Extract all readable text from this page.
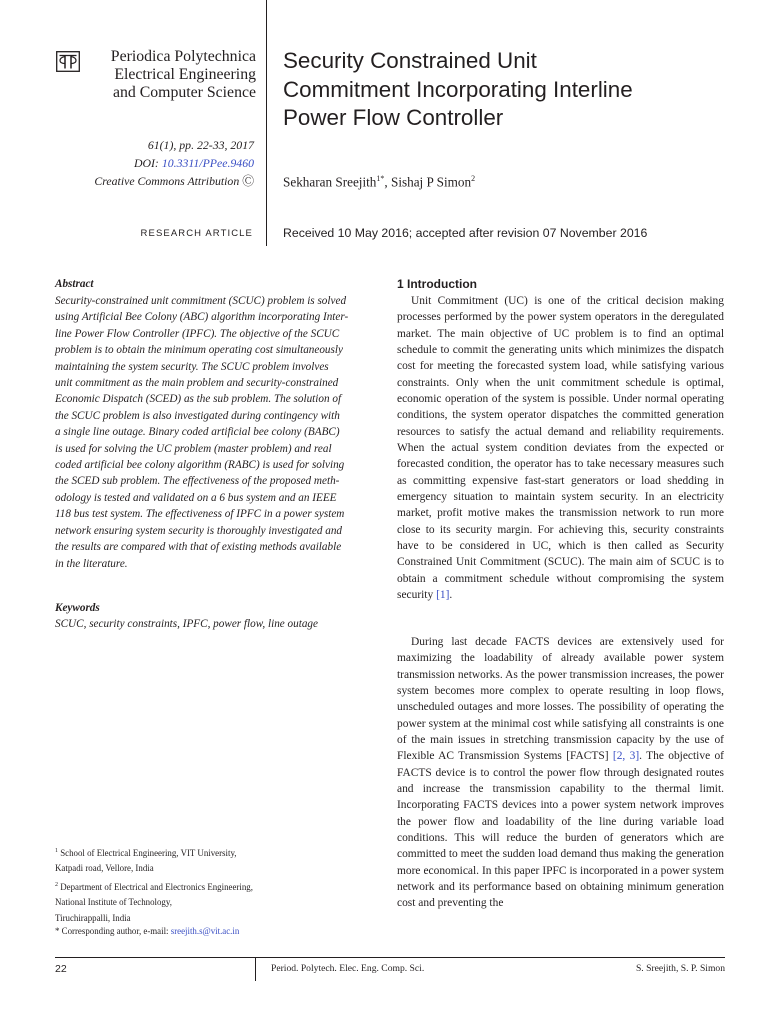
Periodica Polytechnica
Electrical Engineering
and Computer Science
61(1), pp. 22-33, 2017
DOI: 10.3311/PPee.9460
Creative Commons Attribution Ⓒ
RESEARCH ARTICLE
Security Constrained Unit
Commitment Incorporating Interline
Power Flow Controller
Sekharan Sreejith$^{1*}$, Sishaj P Simon$^2$
Received 10 May 2016; accepted after revision 07 November 2016
Abstract
Security-constrained unit commitment (SCUC) problem is solved
using Artificial Bee Colony (ABC) algorithm incorporating Inter-
line Power Flow Controller (IPFC). The objective of the SCUC
problem is to obtain the minimum operating cost simultaneously
maintaining the system security. The SCUC problem involves
unit commitment as the main problem and security-constrained
Economic Dispatch (SCED) as the sub problem. The solution of
the SCUC problem is also investigated during contingency with
a single line outage. Binary coded artificial bee colony (BABC)
is used for solving the UC problem (master problem) and real
coded artificial bee colony algorithm (RABC) is used for solving
the SCED sub problem. The effectiveness of the proposed meth-
odology is tested and validated on a 6 bus system and an IEEE
118 bus test system. The effectiveness of IPFC in a power system
network ensuring system security is thoroughly investigated and
the results are compared with that of existing methods available
in the literature.
Keywords
SCUC, security constraints, IPFC, power flow, line outage
$^1$ School of Electrical Engineering, VIT University,
Katpadi road, Vellore, India
$^2$ Department of Electrical and Electronics Engineering,
National Institute of Technology,
Tiruchirappalli, India
* Corresponding author, e-mail: sreejith.s@vit.ac.in
1 Introduction
Unit Commitment (UC) is one of the critical decision making processes performed by the power system operators in the deregulated market. The main objective of UC problem is to find an optimal schedule to commit the generating units which minimizes the dispatch cost for meeting the forecasted system load, while satisfying various constraints. Only when the unit commitment schedule is optimal, economic operation of the system is possible. Under normal operating conditions, the system operator dispatches the committed generation resources to satisfy the actual demand and reliability requirements. When the actual system condition deviates from the expected or forecasted condition, the operator has to take necessary measures such as committing expensive fast-start generators or load shedding in emergency situation to maintain system security. In an electricity market, profit motive makes the transmission network to run more close to its security margin. For achieving this, security constraints have to be considered in UC, which is then called as Security Constrained Unit Commitment (SCUC). The main aim of SCUC is to obtain a commitment schedule without compromising the system security [1].
During last decade FACTS devices are extensively used for maximizing the loadability of already available power system transmission networks. As the power transmission increases, the power system becomes more complex to operate resulting in loop flows, unscheduled outages and more losses. The possibility of operating the power system at the minimal cost while satisfying all constraints is one of the main issues in stretching transmission capacity by the use of Flexible AC Transmission Systems [FACTS] [2, 3]. The objective of FACTS device is to control the power flow through designated routes and increase the transmission capability to the thermal limit. Incorporating FACTS devices into a power system network improves the power flow and loadability of the line during variable load conditions. This will reduce the burden of generators which are committed to meet the sudden load demand thus making the generation more economical. In this paper IPFC is incorporated in a power system network and its performance based on obtaining minimum generation cost and preventing the
22	Period. Polytech. Elec. Eng. Comp. Sci.	S. Sreejith, S. P. Simon
